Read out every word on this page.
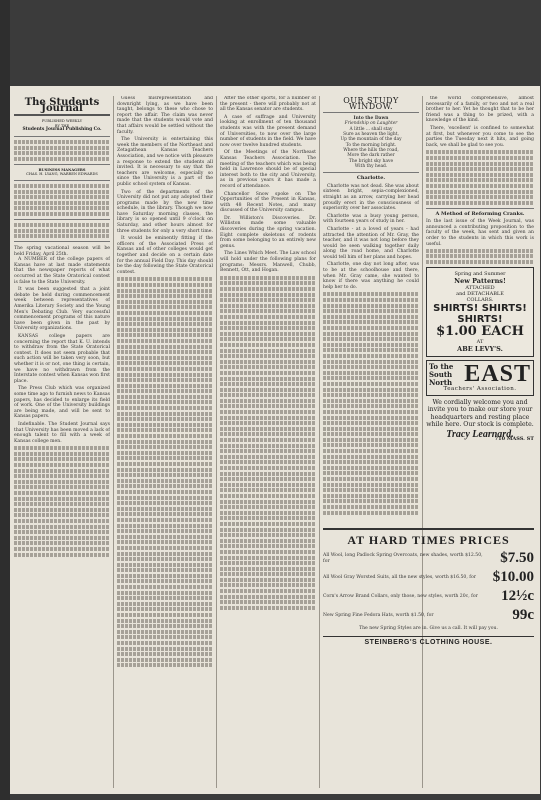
The Students Journal
PUBLISHED WEEKLY
BY THE
Students Journal Publishing Co.
BUSINESS MANAGERS
CHAS. H. LYANG, WARREN EDWARDS
The spring vacational season will be held Friday, April 25th.

A NUMBER of the college papers of Kansas have at last made statements that the newspaper reports of what occurred at the State Oratorical contest is false to the State University.

It was been suggested that a joint debate be held during commencement week between representatives of Amerika Literary Society and the Young Men's Debating Club. Very successful commencement programs of this nature have been given in the past by University organizations.

KANSAS college papers are concerning the report that K. U. intends to withdraw from the State Oratorical contest. It does not seem probable that such action will be taken very soon, but whether it is or not, one thing is certain, we have no withdrawn from the Interstate contest when Kansas won first place.

The Press Club which was organized some time ago to furnish news to Kansas papers, has decided to enlarge its field of work. One of the University buildings are being made, and will be sent to Kansas papers.

Indefinable. The Student Journal says that University has been moved a lack of enough talent to fill with a week of Kansas college men.

Guess misrepresentation and downright lying, as we have been taught, belongs to these who chose to report the affair. The claim was never made that the students would vote and that affairs would be settled without the faculty.

The University is entertaining this week the members of the Northeast and Zetagathean Kansas Teachers Association, and we notice with pleasure a response to extend the students all invited. It is necessary to say that the teachers are welcome, especially so since the University is a part of the public school system of Kansas.

Two of the departments of the University did not put any adopted their programs made by the new time schedule, in the library. Though we now have Saturday morning classes, the library is so opened until 9 o'clock on Saturday, and other hours almost for three students for only a very short time.

It would be eminently fitting if the officers of the Associated Press of Kansas and of other colleges would get together and decide on a certain date for the annual Field Day. This day should be the day following the State Oratorical contest.

After the other sports, for a number of the present - there will probably not at all the Kansas senator are students.

A case of suffrage and University looking at enrollment of ten thousand students was with the present demand of Universities, to now over the large number of students in the field. We have now over twelve hundred students.

Of the Meetings of the Northeast Kansas Teachers Association. The meeting of the teachers which was being held in Lawrence should be of special interest both to the city and University, as in previous years it has made a record of attendance.

Chancellor Snow spoke on The Opportunities of the Present in Kansas, with 48 Recent Notes, and many discussed of the University campus.

Dr. Williston's Discoveries. Dr. Williston made some valuable discoveries during the spring vacation. Eight complete skeletons of rodents from some belonging to an entirely new genus.

The Lines Which Meet. The Law school will hold under the following plans for programs: Messrs. Manwell, Chubb, Bennett, Ott, and Hogan.

OUR STUDY WINDOW.
Into the Dawn
Friendship on Laughter
A little ... shall stay
Sure as heaven the light,
Up the mountain of the day
To the morning bright.
Where the hills the road,
More the dark rather
The bright sky have
With thy head.
Charlotte.

Charlotte was not dead. She was about sixteen bright, sepia-complexioned, straight as an arrow, carrying her head proudly erect in the consciousness of superiority over her associates.

Charlotte was a busy young person, with fourteen years of study in her.

Charlotte - at a loved of years - had attracted the attention of Mr. Gray, the teacher, and it was not long before they would be seen walking together daily along the road home, and Charlotte would tell him of her plans and hopes.

Charlotte, one day not long after, was to be at the schoolhouse and there, when Mr. Gray came, she wanted to know if there was anything he could help her to do.

the world comprehensive, almost necessarily of a family, or two and not a real brother to her. Yet he thought that to be her friend was a thing to be prized, with a knowledge of the kind.

There, 'excellent' is confined to somewhat at first, but whenever you come to see the parties the Tuesday next it hits, and going back, we shall be glad to see you.

A Method of Reforming Cranks.
In the last issue of the Week Journal, was announced a contributing proposition to the faculty of the week, has sent and given an order to the students in which this work is useful.
Spring and Summer
New Patterns!
ATTACHED
and DETACHABLE
COLLARS.
SHIRTS! SHIRTS!
SHIRTS!
$1.00 EACH
AT
ABE LEVY'S.
To the
South
North EAST
Teachers' Association.
We cordially welcome you and invite you to make our store your headquarters and resting place while here. Our stock is complete.
Tracy Learnard.
710 MASS. ST
AT HARD TIMES PRICES
All Wool, long Padlock Spring Overcoats, new shades, worth $12.50, for	$7.50
All Wool Gray Worsted Suits, all the new styles, worth $16.50, for	$10.00
Corn's Arrow Brand Collars, only those, new styles, worth 20c, for	12½c
New Spring Fine Fedora Hats, worth $1.50, for	99c
The new Spring Styles are in. Give us a call. It will pay you.
STEINBERG'S CLOTHING HOUSE.
